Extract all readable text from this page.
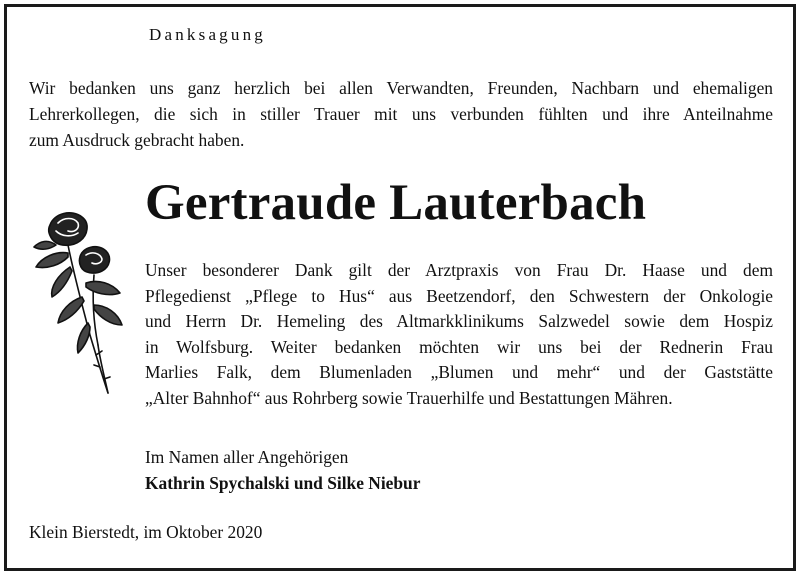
Danksagung
Wir bedanken uns ganz herzlich bei allen Verwandten, Freunden, Nachbarn und ehemaligen
Lehrerkollegen, die sich in stiller Trauer mit uns verbunden fühlten und ihre Anteilnahme
zum Ausdruck gebracht haben.
Gertraude Lauterbach
Unser besonderer Dank gilt der Arztpraxis von Frau Dr. Haase und dem
Pflegedienst „Pflege to Hus“ aus Beetzendorf, den Schwestern der Onkologie
und Herrn Dr. Hemeling des Altmarkklinikums Salzwedel sowie dem Hospiz
in Wolfsburg. Weiter bedanken möchten wir uns bei der Rednerin Frau
Marlies Falk, dem Blumenladen „Blumen und mehr“ und der Gaststätte
„Alter Bahnhof“ aus Rohrberg sowie Trauerhilfe und Bestattungen Mähren.
Im Namen aller Angehörigen
Kathrin Spychalski und Silke Niebur
Klein Bierstedt, im Oktober 2020
